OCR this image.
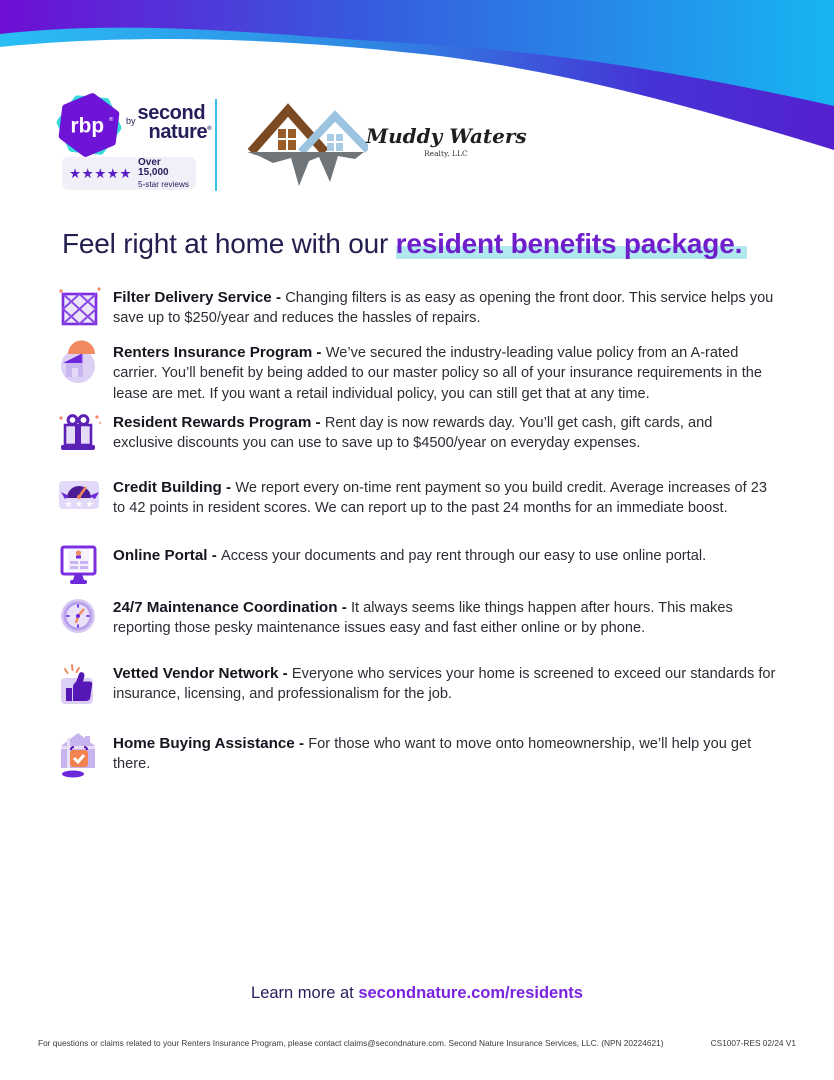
rbp ® $^{by}$ second
nature®
★★★★★
Over 15,000
5-star reviews
Muddy Waters
Realty, LLC
Feel right at home with our resident benefits package.
Filter Delivery Service - Changing filters is as easy as opening the front door. This service helps you save up to $250/year and reduces the hassles of repairs.
Renters Insurance Program - We’ve secured the industry-leading value policy from an A-rated carrier. You’ll benefit by being added to our master policy so all of your insurance requirements in the lease are met. If you want a retail individual policy, you can still get that at any time.
Resident Rewards Program - Rent day is now rewards day. You’ll get cash, gift cards, and exclusive discounts you can use to save up to $4500/year on everyday expenses.
★ ★ ★
Credit Building - We report every on-time rent payment so you build credit. Average increases of 23 to 42 points in resident scores. We can report up to the past 24 months for an immediate boost.
Online Portal - Access your documents and pay rent through our easy to use online portal.
24/7 Maintenance Coordination - It always seems like things happen after hours. This makes reporting those pesky maintenance issues easy and fast either online or by phone.
Vetted Vendor Network - Everyone who services your home is screened to exceed our standards for insurance, licensing, and professionalism for the job.
Home Buying Assistance - For those who want to move onto homeownership, we’ll help you get there.
Learn more at secondnature.com/residents
For questions or claims related to your Renters Insurance Program, please contact claims@secondnature.com. Second Nature Insurance Services, LLC. (NPN 20224621)	CS1007-RES 02/24 V1
